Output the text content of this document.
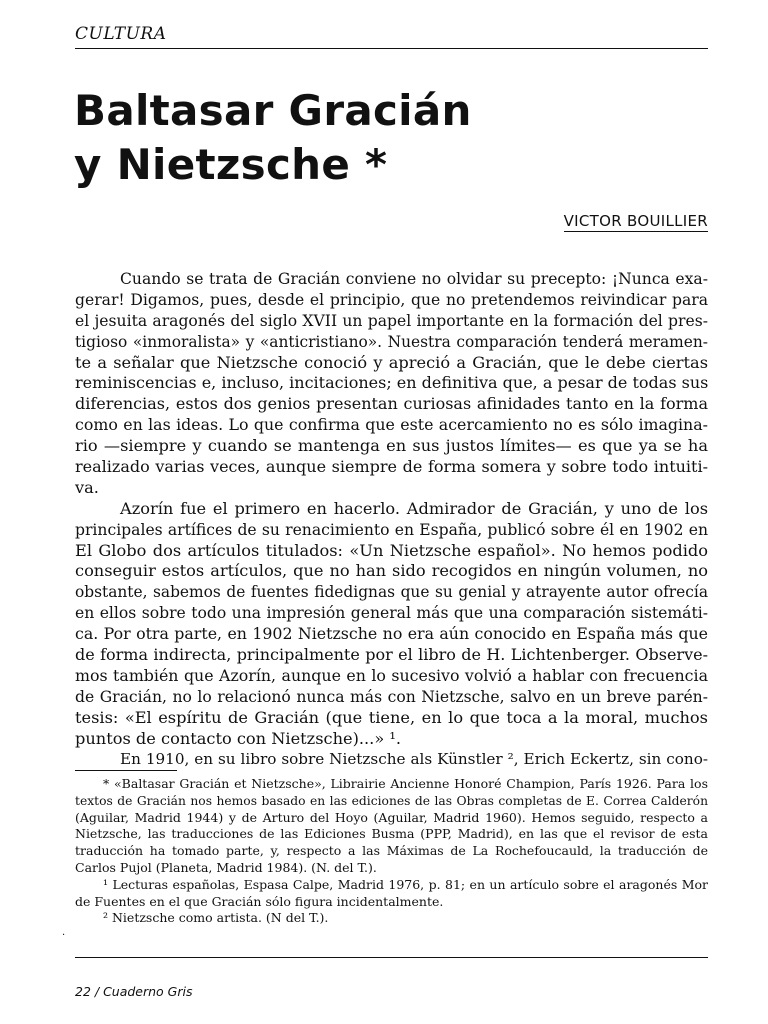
CULTURA
Baltasar Gracián
y Nietzsche *
VICTOR BOUILLIER
Cuando se trata de Gracián conviene no olvidar su precepto: ¡Nunca exa-
gerar! Digamos, pues, desde el principio, que no pretendemos reivindicar para
el jesuita aragonés del siglo XVII un papel importante en la formación del pres-
tigioso «inmoralista» y «anticristiano». Nuestra comparación tenderá meramen-
te a señalar que Nietzsche conoció y apreció a Gracián, que le debe ciertas
reminiscencias e, incluso, incitaciones; en definitiva que, a pesar de todas sus
diferencias, estos dos genios presentan curiosas afinidades tanto en la forma
como en las ideas. Lo que confirma que este acercamiento no es sólo imagina-
rio —siempre y cuando se mantenga en sus justos límites— es que ya se ha
realizado varias veces, aunque siempre de forma somera y sobre todo intuiti-
va.
Azorín fue el primero en hacerlo. Admirador de Gracián, y uno de los
principales artífices de su renacimiento en España, publicó sobre él en 1902 en
El Globo dos artículos titulados: «Un Nietzsche español». No hemos podido
conseguir estos artículos, que no han sido recogidos en ningún volumen, no
obstante, sabemos de fuentes fidedignas que su genial y atrayente autor ofrecía
en ellos sobre todo una impresión general más que una comparación sistemáti-
ca. Por otra parte, en 1902 Nietzsche no era aún conocido en España más que
de forma indirecta, principalmente por el libro de H. Lichtenberger. Observe-
mos también que Azorín, aunque en lo sucesivo volvió a hablar con frecuencia
de Gracián, no lo relacionó nunca más con Nietzsche, salvo en un breve parén-
tesis: «El espíritu de Gracián (que tiene, en lo que toca a la moral, muchos
puntos de contacto con Nietzsche)...» ¹.
En 1910, en su libro sobre Nietzsche als Künstler ², Erich Eckertz, sin cono-
* «Baltasar Gracián et Nietzsche», Librairie Ancienne Honoré Champion, París 1926. Para los
textos de Gracián nos hemos basado en las ediciones de las Obras completas de E. Correa Calderón
(Aguilar, Madrid 1944) y de Arturo del Hoyo (Aguilar, Madrid 1960). Hemos seguido, respecto a
Nietzsche, las traducciones de las Ediciones Busma (PPP, Madrid), en las que el revisor de esta
traducción ha tomado parte, y, respecto a las Máximas de La Rochefoucauld, la traducción de
Carlos Pujol (Planeta, Madrid 1984). (N. del T.).
¹ Lecturas españolas, Espasa Calpe, Madrid 1976, p. 81; en un artículo sobre el aragonés Mor
de Fuentes en el que Gracián sólo figura incidentalmente.
² Nietzsche como artista. (N del T.).
·
22 / Cuaderno Gris
